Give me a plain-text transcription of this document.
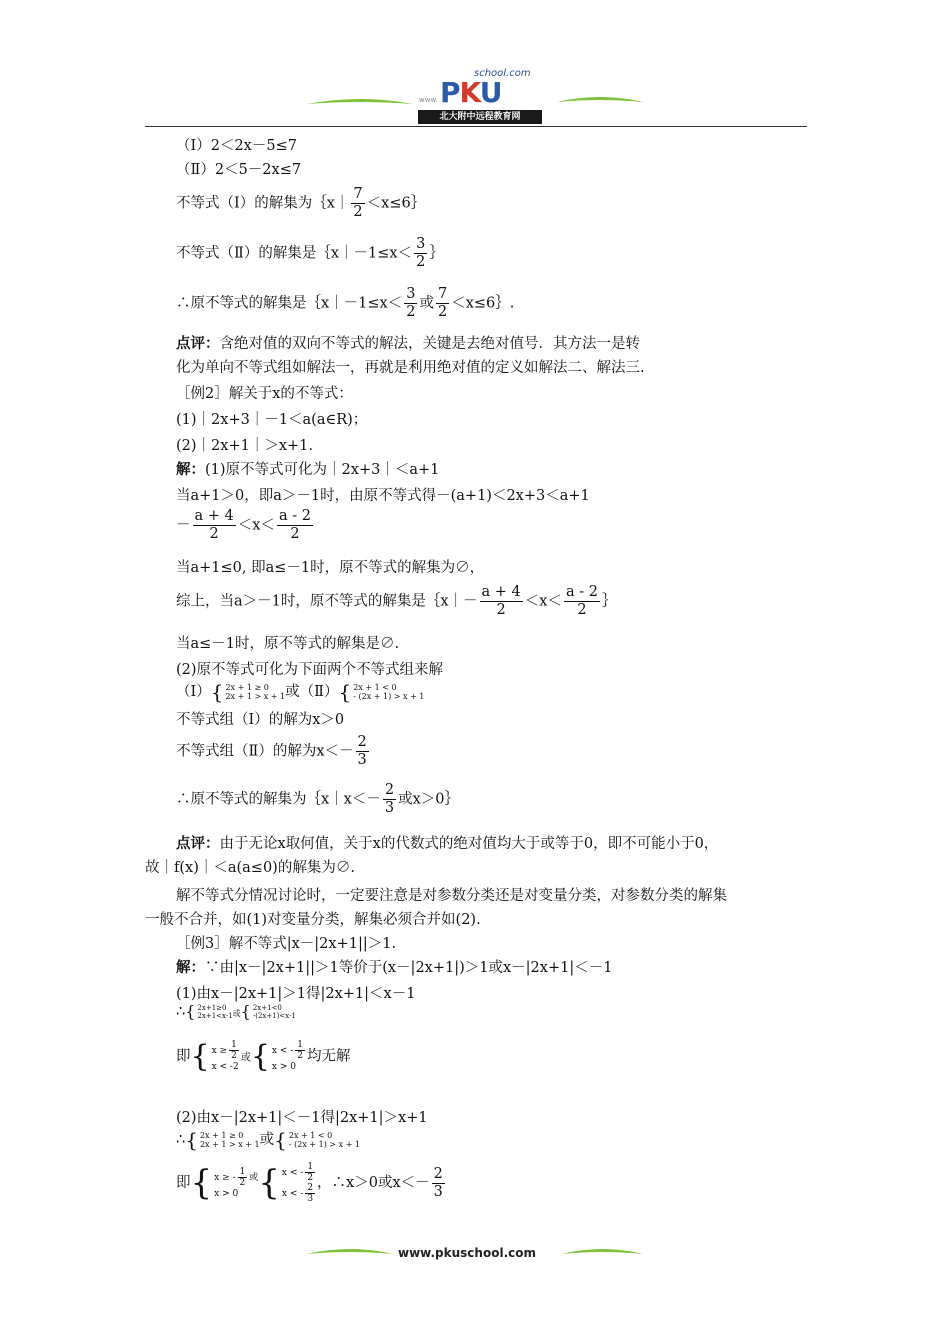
school.com
PKU
www.
北大附中远程教育网
（Ⅰ）2＜2x－5≤7
（Ⅱ）2＜5－2x≤7
不等式（Ⅰ）的解集为｛x｜ $\frac{7}{2}$ ＜x≤6｝
不等式（Ⅱ）的解集是｛x｜－1≤x＜ $\frac{3}{2}$ ｝
∴原不等式的解集是｛x｜－1≤x＜ $\frac{3}{2}$ 或 $\frac{7}{2}$ ＜x≤6｝.
点评：含绝对值的双向不等式的解法，关键是去绝对值号．其方法一是转
化为单向不等式组如解法一，再就是利用绝对值的定义如解法二、解法三.
［例2］解关于x的不等式：
(1)｜2x+3｜－1＜a(a∈R)；
(2)｜2x+1｜＞x+1.
解：(1)原不等式可化为｜2x+3｜＜a+1
当a+1＞0，即a＞－1时，由原不等式得－(a+1)＜2x+3＜a+1
－ $\frac{a + 4}{2} <x< \frac{a - 2}{2}$
当a+1≤0, 即a≤－1时，原不等式的解集为∅，
综上，当a＞－1时，原不等式的解集是｛x｜－ $\frac{a + 4}{2} <x< \frac{a - 2}{2}$ ｝
当a≤－1时，原不等式的解集是∅.
(2)原不等式可化为下面两个不等式组来解
（Ⅰ）{ 2x + 1 ≥ 0
2x + 1 > x + 1或（Ⅱ）{ 2x + 1 < 0
- (2x + 1) > x + 1
不等式组（Ⅰ）的解为x＞0
不等式组（Ⅱ）的解为$x<- \frac{2}{3}$
∴原不等式的解集为｛x｜x＜－ $\frac{2}{3}$ 或x＞0｝
点评：由于无论x取何值，关于x的代数式的绝对值均大于或等于0，即不可能小于0，
故｜f(x)｜＜a(a≤0)的解集为∅.
解不等式分情况讨论时，一定要注意是对参数分类还是对变量分类，对参数分类的解集
一般不合并，如(1)对变量分类，解集必须合并如(2).
［例3］解不等式|x－|2x+1||＞1.
解：∵由|x－|2x+1||＞1等价于(x－|2x+1|)＞1或x－|2x+1|＜－1
(1)由x－|2x+1|＞1得|2x+1|＜x－1
∴{ 2x+1≥0
2x+1<x-1或{ 2x+1<0
-(2x+1)<x-1
即{ $x \ge \frac{1}{2}$

x < -2或{ x < - $\frac{1}{2}$

x > 0均无解
(2)由x－|2x+1|＜－1得|2x+1|＞x+1
∴{ 2x + 1 ≥ 0
2x + 1 > x + 1或{ 2x + 1 < 0
- (2x + 1) > x + 1
即{ x ≥ - $\frac{1}{2}$ 或
x > 0 { x < - $\frac{1}{2}$

x < - $\frac{2}{3}$ ，∴x＞0或$x<- \frac{2}{3}$
www.pkuschool.com
